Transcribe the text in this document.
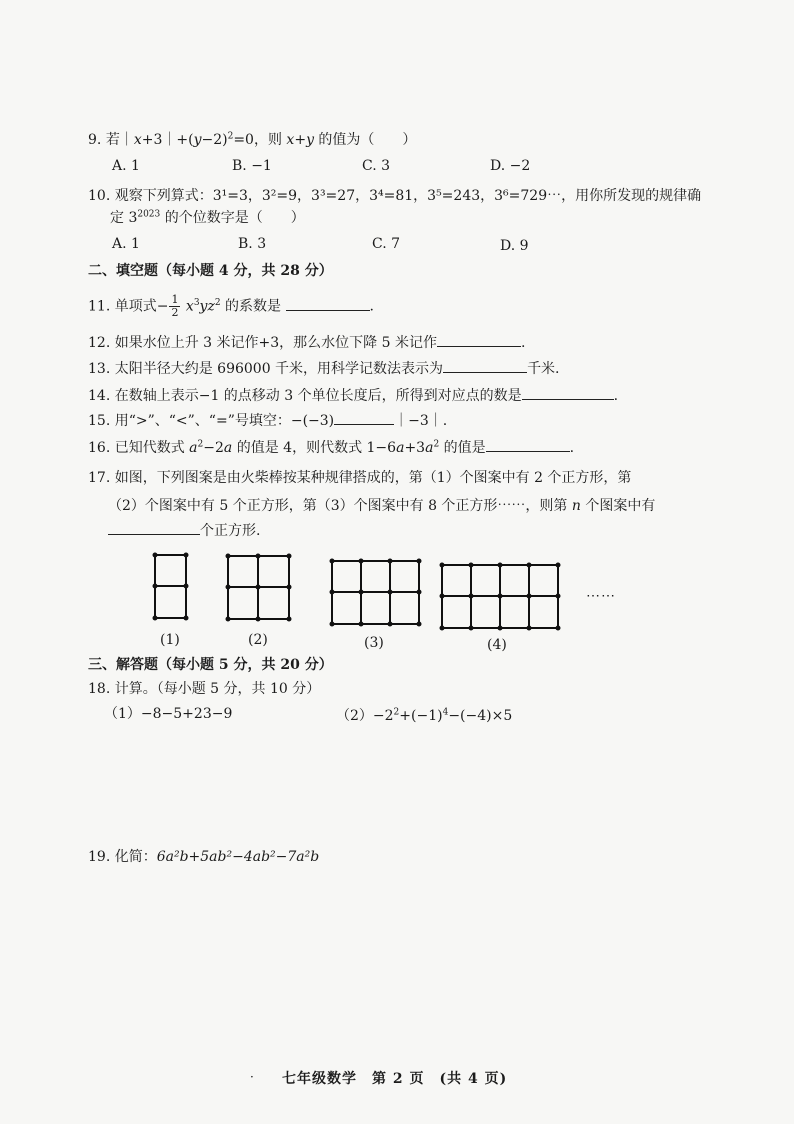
9. 若$|x+3|+(y-2)^2=0$，则 x+y 的值为（　　）
A. 1	B. −1	C. 3	D. −2
10. 观察下列算式：3¹=3，3²=9，3³=27，3⁴=81，3⁵=243，3⁶=729⋯，用你所发现的规律确
定 $3^{2023}$ 的个位数字是（　　）
A. 1	B. 3	C. 7	D. 9
二、填空题（每小题 4 分，共 28 分）
11. 单项式− $\frac{1}{2} x^3yz^2$ 的系数是	.
12. 如果水位上升 3 米记作+3，那么水位下降 5 米记作	.
13. 太阳半径大约是 696000 千米，用科学记数法表示为	千米.
14. 在数轴上表示−1 的点移动 3 个单位长度后，所得到对应点的数是	.
15. 用“>”、“<”、“=”号填空：−(−3)	｜−3｜.
16. 已知代数式 $a^2-2a$ 的值是 4，则代数式 $1-6a+3a^2$ 的值是	.
17. 如图，下列图案是由火柴棒按某种规律搭成的，第（1）个图案中有 2 个正方形，第
（2）个图案中有 5 个正方形，第（3）个图案中有 8 个正方形⋯⋯，则第 n 个图案中有
个正方形.
⋯⋯
(1)	(2)	(3)	(4)
三、解答题（每小题 5 分，共 20 分）
18. 计算。（每小题 5 分，共 10 分）
（1）−8−5+23−9	$(2)-2^2+(-1)^4-(-4)\times 5$
19. 化简：6a²b+5ab²−4ab²−7a²b
· 七年级数学　第 2 页　(共 4 页)
